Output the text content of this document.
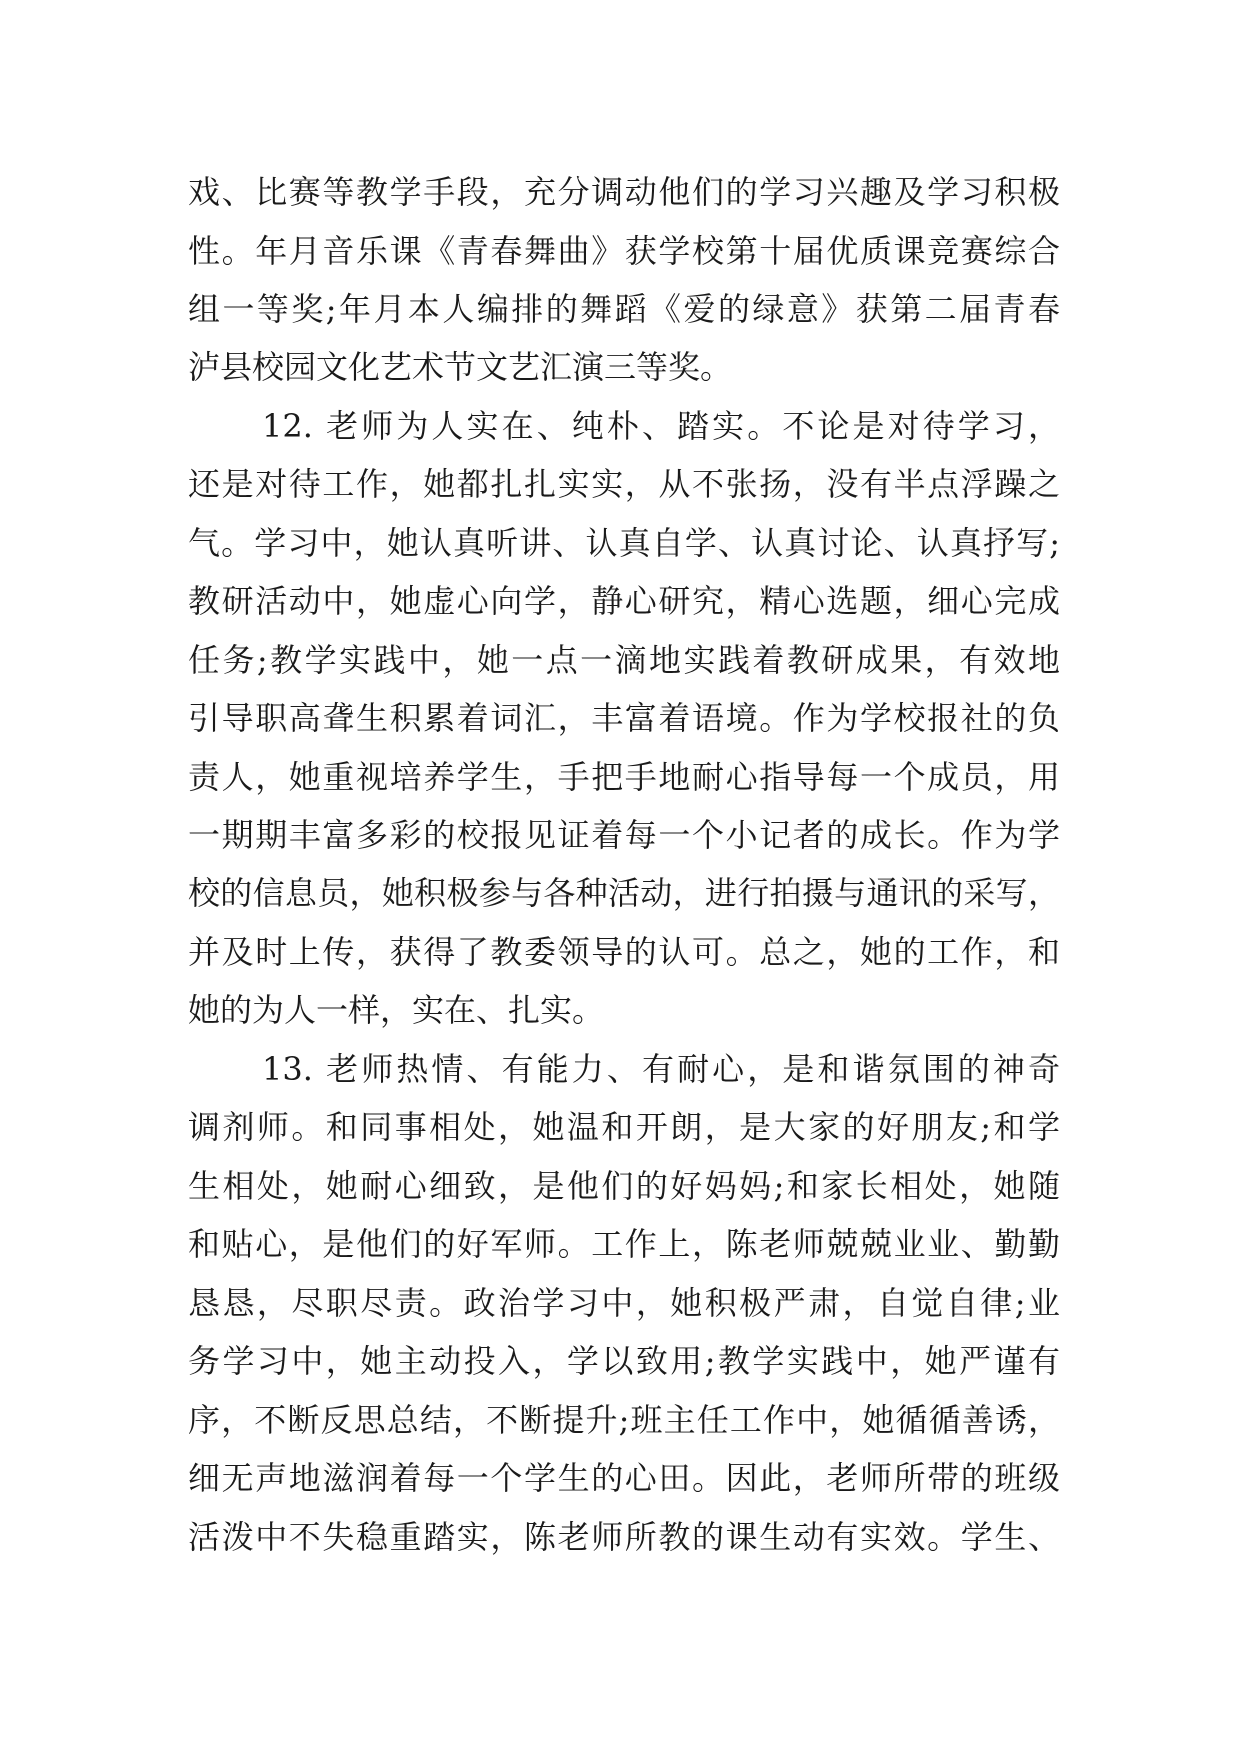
戏、比赛等教学手段，充分调动他们的学习兴趣及学习积极
性。年月音乐课《青春舞曲》获学校第十届优质课竞赛综合
组一等奖;年月本人编排的舞蹈《爱的绿意》获第二届青春
泸县校园文化艺术节文艺汇演三等奖。
12. 老师为人实在、纯朴、踏实。不论是对待学习，
还是对待工作，她都扎扎实实，从不张扬，没有半点浮躁之
气。学习中，她认真听讲、认真自学、认真讨论、认真抒写;
教研活动中，她虚心向学，静心研究，精心选题，细心完成
任务;教学实践中，她一点一滴地实践着教研成果，有效地
引导职高聋生积累着词汇，丰富着语境。作为学校报社的负
责人，她重视培养学生，手把手地耐心指导每一个成员，用
一期期丰富多彩的校报见证着每一个小记者的成长。作为学
校的信息员，她积极参与各种活动，进行拍摄与通讯的采写，
并及时上传，获得了教委领导的认可。总之，她的工作，和
她的为人一样，实在、扎实。
13. 老师热情、有能力、有耐心，是和谐氛围的神奇
调剂师。和同事相处，她温和开朗，是大家的好朋友;和学
生相处，她耐心细致，是他们的好妈妈;和家长相处，她随
和贴心，是他们的好军师。工作上，陈老师兢兢业业、勤勤
恳恳，尽职尽责。政治学习中，她积极严肃，自觉自律;业
务学习中，她主动投入，学以致用;教学实践中，她严谨有
序，不断反思总结，不断提升;班主任工作中，她循循善诱，
细无声地滋润着每一个学生的心田。因此，老师所带的班级
活泼中不失稳重踏实，陈老师所教的课生动有实效。学生、
